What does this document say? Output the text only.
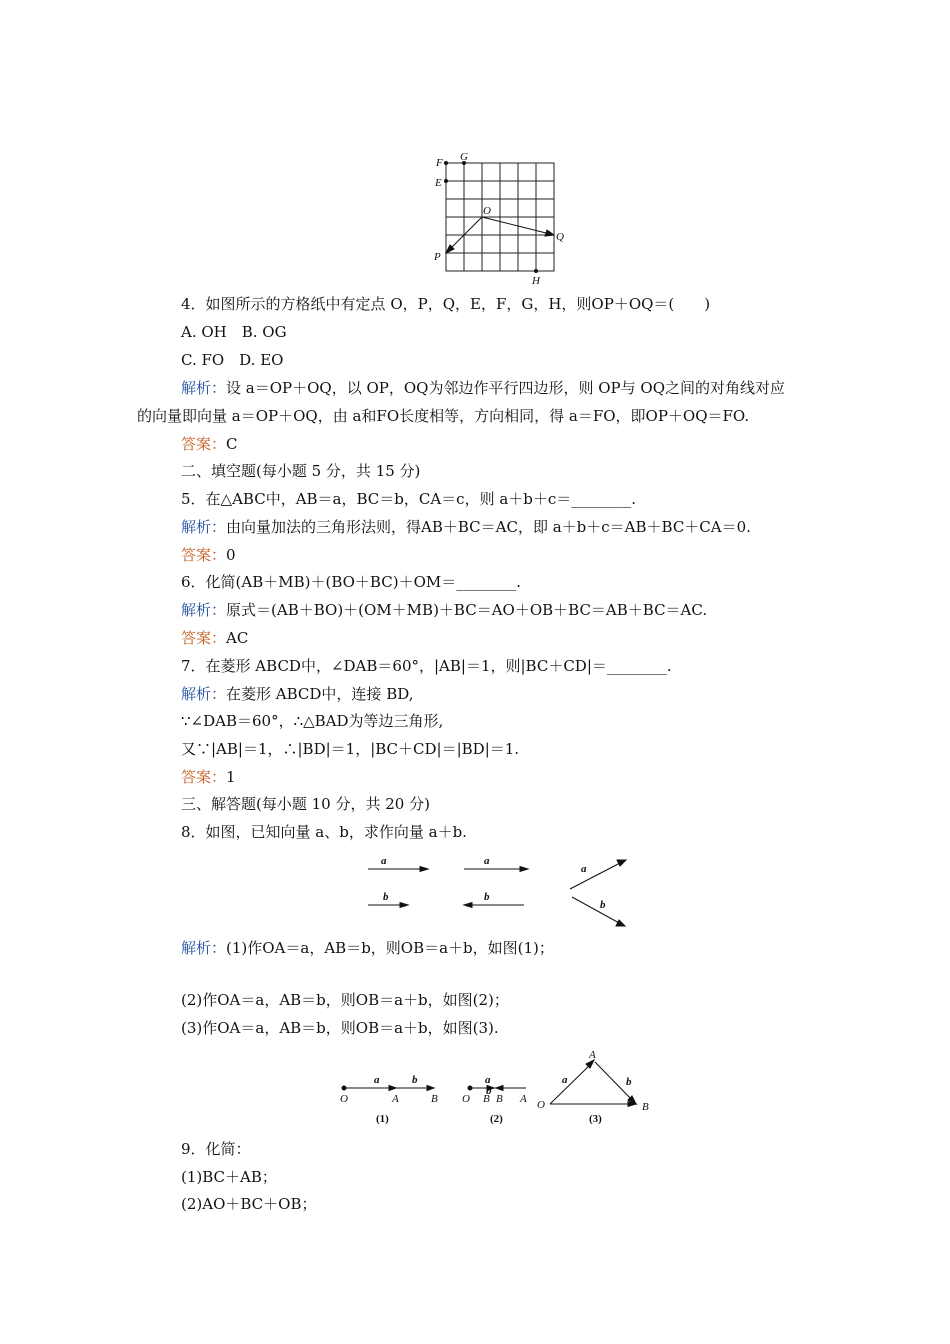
F G
E
O
Q
P
H
4．如图所示的方格纸中有定点 O，P，Q，E，F，G，H，则OP＋OQ＝(　　)
A. OH　B. OG
C. FO　D. EO
解析：设 a＝OP＋OQ，以 OP，OQ为邻边作平行四边形，则 OP与 OQ之间的对角线对应
的向量即向量 a＝OP＋OQ，由 a和FO长度相等，方向相同，得 a＝FO，即OP＋OQ＝FO.
答案：C
二、填空题(每小题 5 分，共 15 分)
5．在△ABC中，AB＝a，BC＝b，CA＝c，则 a＋b＋c＝________.
解析：由向量加法的三角形法则，得AB＋BC＝AC，即 a＋b＋c＝AB＋BC＋CA＝0.
答案：0
6．化简(AB＋MB)＋(BO＋BC)＋OM＝________.
解析：原式＝(AB＋BO)＋(OM＋MB)＋BC＝AO＋OB＋BC＝AB＋BC＝AC.
答案：AC
7．在菱形 ABCD中，∠DAB＝60°，|AB|＝1，则|BC＋CD|＝________.
解析：在菱形 ABCD中，连接 BD,
∵∠DAB＝60°，∴△BAD为等边三角形,
又∵|AB|＝1，∴|BD|＝1，|BC＋CD|＝|BD|＝1.
答案：1
三、解答题(每小题 10 分，共 20 分)
8．如图，已知向量 a、b，求作向量 a＋b.
a
b
a
b
a
b
解析：(1)作OA＝a，AB＝b，则OB＝a＋b，如图(1)；
(2)作OA＝a，AB＝b，则OB＝a＋b，如图(2)；
(3)作OA＝a，AB＝b，则OB＝a＋b，如图(3).
O	A	B
a	b
O B B A
a
b
O
A
B
a	b
(1)	(2)	(3)
9．化简：
(1)BC＋AB；
(2)AO＋BC＋OB；
